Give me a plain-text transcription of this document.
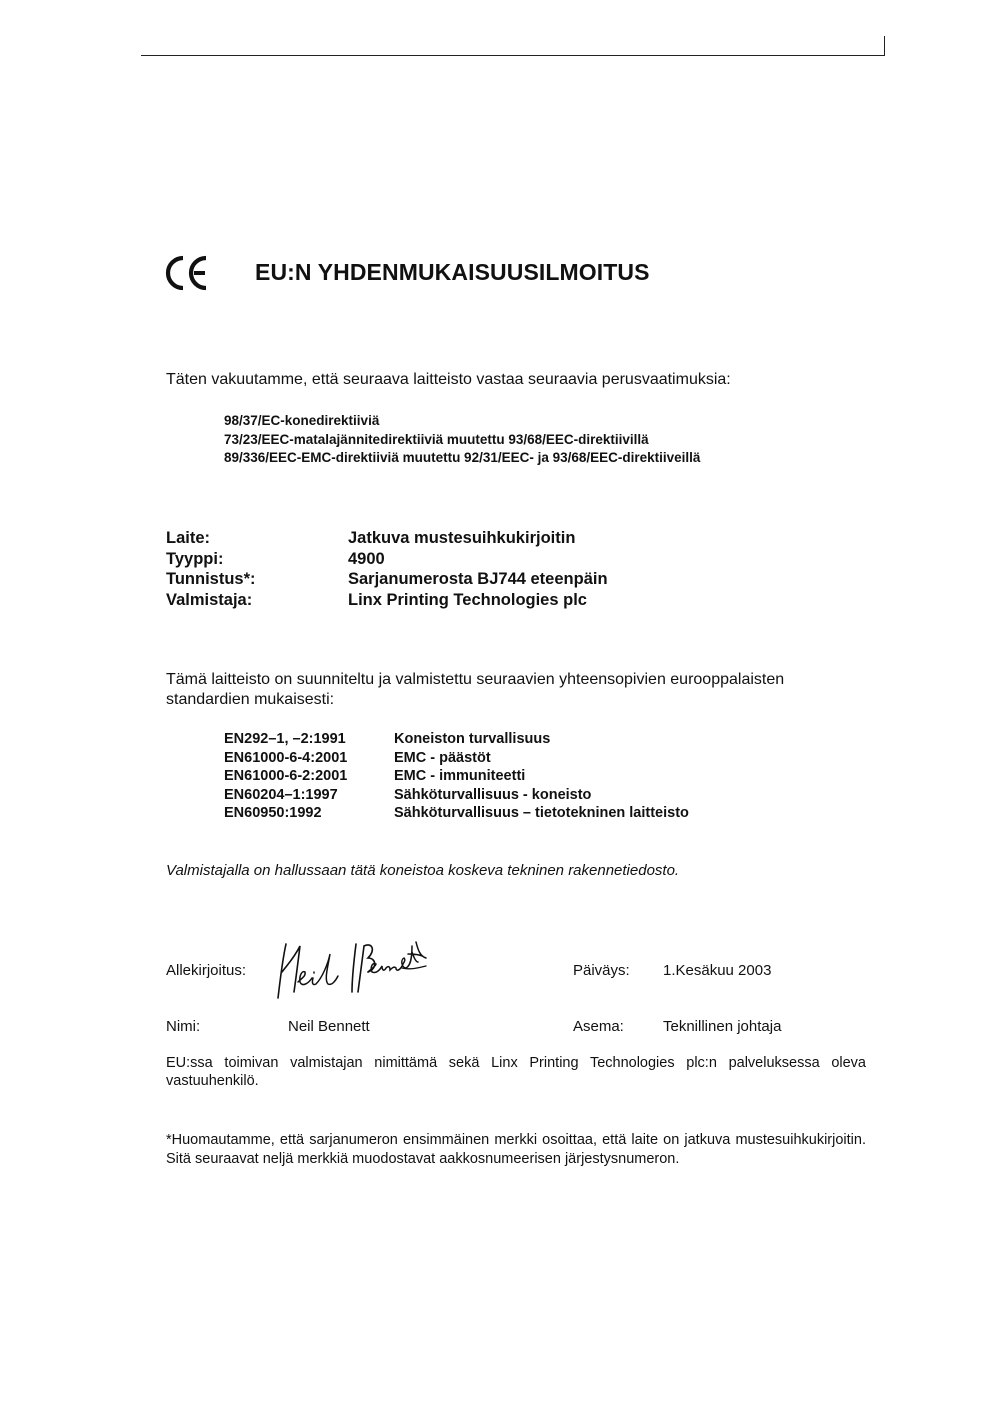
EU:N YHDENMUKAISUUSILMOITUS
Täten vakuutamme, että seuraava laitteisto vastaa seuraavia perusvaatimuksia:
98/37/EC-konedirektiiviä
73/23/EEC-matalajännitedirektiiviä muutettu 93/68/EEC-direktiivillä
89/336/EEC-EMC-direktiiviä muutettu 92/31/EEC- ja 93/68/EEC-direktiiveillä
Laite:	Jatkuva mustesuihkukirjoitin
Tyyppi:	4900
Tunnistus*:	Sarjanumerosta BJ744 eteenpäin
Valmistaja:	Linx Printing Technologies plc
Tämä laitteisto on suunniteltu ja valmistettu seuraavien yhteensopivien eurooppalaisten standardien mukaisesti:
EN292–1, –2:1991	Koneiston turvallisuus
EN61000-6-4:2001	EMC - päästöt
EN61000-6-2:2001	EMC - immuniteetti
EN60204–1:1997	Sähköturvallisuus - koneisto
EN60950:1992	Sähköturvallisuus – tietotekninen laitteisto
Valmistajalla on hallussaan tätä koneistoa koskeva tekninen rakennetiedosto.
Allekirjoitus:	Päiväys: 1.Kesäkuu 2003
Nimi:	Neil Bennett	Asema:	Teknillinen johtaja
EU:ssa toimivan valmistajan nimittämä sekä Linx Printing Technologies plc:n palveluksessa oleva vastuuhenkilö.
*Huomautamme, että sarjanumeron ensimmäinen merkki osoittaa, että laite on jatkuva mustesuihkukirjoitin. Sitä seuraavat neljä merkkiä muodostavat aakkosnumeerisen järjestysnumeron.
